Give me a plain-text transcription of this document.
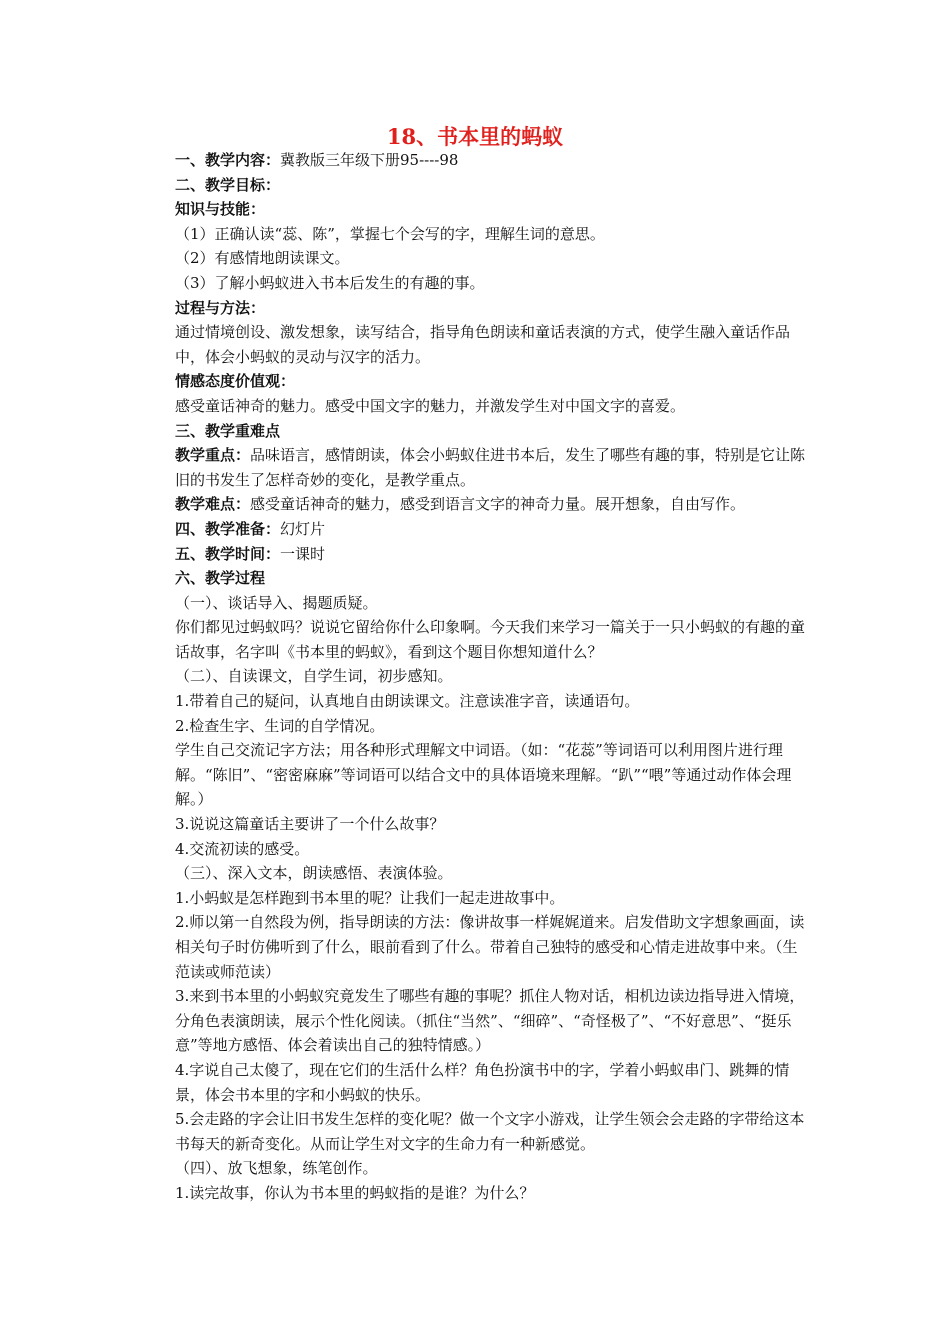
18、书本里的蚂蚁

一、教学内容：冀教版三年级下册95----98

二、教学目标：

知识与技能：

（1）正确认读“蕊、陈”，掌握七个会写的字，理解生词的意思。

（2）有感情地朗读课文。

（3）了解小蚂蚁进入书本后发生的有趣的事。

过程与方法：

通过情境创设、激发想象，读写结合，指导角色朗读和童话表演的方式，使学生融入童话作品中，体会小蚂蚁的灵动与汉字的活力。

情感态度价值观：

感受童话神奇的魅力。感受中国文字的魅力，并激发学生对中国文字的喜爱。

三、教学重难点

教学重点：品味语言，感情朗读，体会小蚂蚁住进书本后，发生了哪些有趣的事，特别是它让陈旧的书发生了怎样奇妙的变化，是教学重点。

教学难点：感受童话神奇的魅力，感受到语言文字的神奇力量。展开想象，自由写作。

四、教学准备：幻灯片

五、教学时间：一课时

六、教学过程

（一）、谈话导入、揭题质疑。

你们都见过蚂蚁吗？说说它留给你什么印象啊。今天我们来学习一篇关于一只小蚂蚁的有趣的童话故事，名字叫《书本里的蚂蚁》，看到这个题目你想知道什么？

（二）、自读课文，自学生词，初步感知。

1.带着自己的疑问，认真地自由朗读课文。注意读准字音，读通语句。

2.检查生字、生词的自学情况。

学生自己交流记字方法；用各种形式理解文中词语。（如：“花蕊”等词语可以利用图片进行理解。“陈旧”、“密密麻麻”等词语可以结合文中的具体语境来理解。“趴”“喂”等通过动作体会理解。）

3.说说这篇童话主要讲了一个什么故事？

4.交流初读的感受。

（三）、深入文本，朗读感悟、表演体验。

1.小蚂蚁是怎样跑到书本里的呢？让我们一起走进故事中。

2.师以第一自然段为例，指导朗读的方法：像讲故事一样娓娓道来。启发借助文字想象画面，读相关句子时仿佛听到了什么，眼前看到了什么。带着自己独特的感受和心情走进故事中来。（生范读或师范读）

3.来到书本里的小蚂蚁究竟发生了哪些有趣的事呢？抓住人物对话，相机边读边指导进入情境，分角色表演朗读，展示个性化阅读。（抓住“当然”、“细碎”、“奇怪极了”、“不好意思”、“挺乐意”等地方感悟、体会着读出自己的独特情感。）

4.字说自己太傻了，现在它们的生活什么样？角色扮演书中的字，学着小蚂蚁串门、跳舞的情景，体会书本里的字和小蚂蚁的快乐。

5.会走路的字会让旧书发生怎样的变化呢？做一个文字小游戏，让学生领会会走路的字带给这本书每天的新奇变化。从而让学生对文字的生命力有一种新感觉。

（四）、放飞想象，练笔创作。

1.读完故事，你认为书本里的蚂蚁指的是谁？为什么？
